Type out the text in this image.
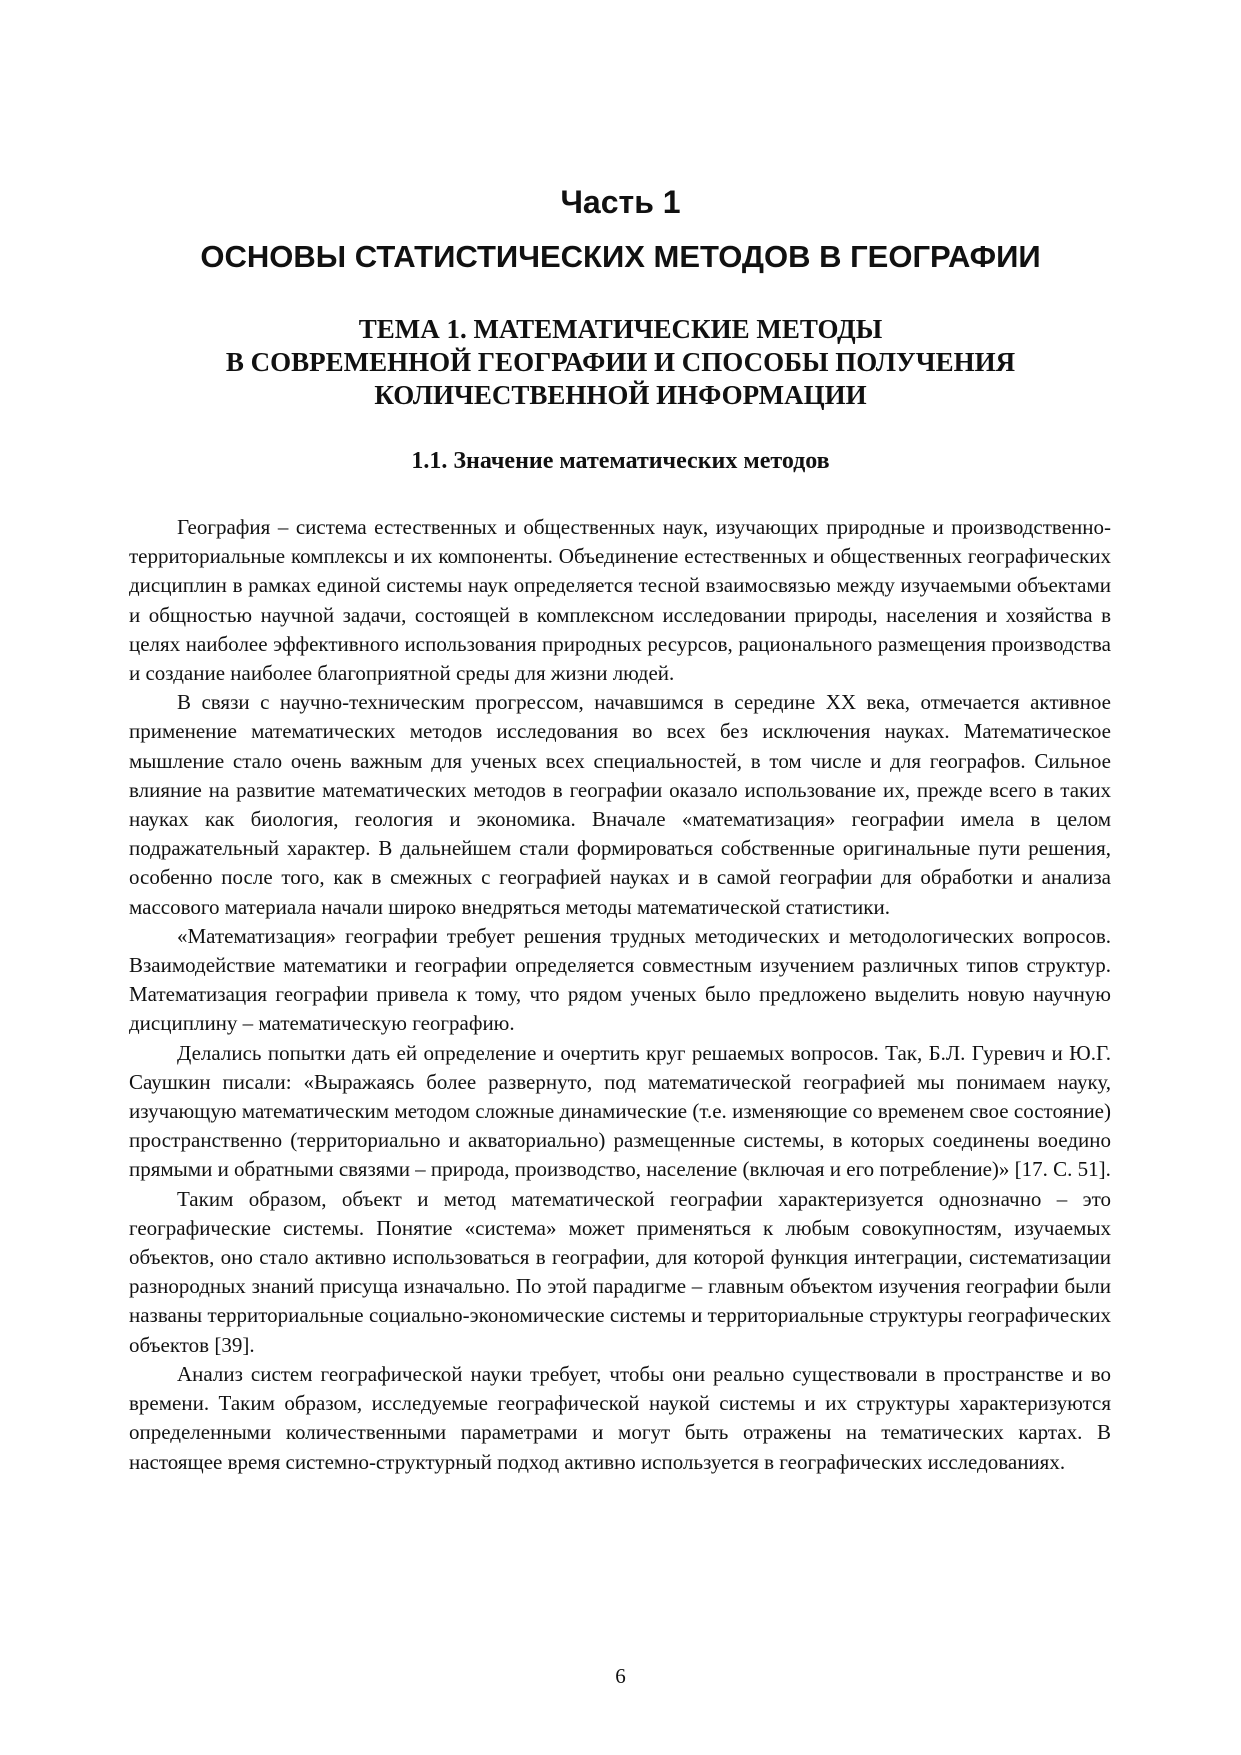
Часть 1
ОСНОВЫ СТАТИСТИЧЕСКИХ МЕТОДОВ В ГЕОГРАФИИ
ТЕМА 1. МАТЕМАТИЧЕСКИЕ МЕТОДЫ
В СОВРЕМЕННОЙ ГЕОГРАФИИ И СПОСОБЫ ПОЛУЧЕНИЯ
КОЛИЧЕСТВЕННОЙ ИНФОРМАЦИИ
1.1. Значение математических методов

География – система естественных и общественных наук, изучающих природные и производственно-территориальные комплексы и их компоненты. Объединение естественных и общественных географических дисциплин в рамках единой системы наук определяется тесной взаимосвязью между изучаемыми объектами и общностью научной задачи, состоящей в комплексном исследовании природы, населения и хозяйства в целях наиболее эффективного использования природных ресурсов, рационального размещения производства и создание наиболее благоприятной среды для жизни людей.

В связи с научно-техническим прогрессом, начавшимся в середине XX века, отмечается активное применение математических методов исследования во всех без исключения науках. Математическое мышление стало очень важным для ученых всех специальностей, в том числе и для географов. Сильное влияние на развитие математических методов в географии оказало использование их, прежде всего в таких науках как биология, геология и экономика. Вначале «математизация» географии имела в целом подражательный характер. В дальнейшем стали формироваться собственные оригинальные пути решения, особенно после того, как в смежных с географией науках и в самой географии для обработки и анализа массового материала начали широко внедряться методы математической статистики.

«Математизация» географии требует решения трудных методических и методологических вопросов. Взаимодействие математики и географии определяется совместным изучением различных типов структур. Математизация географии привела к тому, что рядом ученых было предложено выделить новую научную дисциплину – математическую географию.

Делались попытки дать ей определение и очертить круг решаемых вопросов. Так, Б.Л. Гуревич и Ю.Г. Саушкин писали: «Выражаясь более развернуто, под математической географией мы понимаем науку, изучающую математическим методом сложные динамические (т.е. изменяющие со временем свое состояние) пространственно (территориально и акваториально) размещенные системы, в которых соединены воедино прямыми и обратными связями – природа, производство, население (включая и его потребление)» [17. С. 51].

Таким образом, объект и метод математической географии характеризуется однозначно – это географические системы. Понятие «система» может применяться к любым совокупностям, изучаемых объектов, оно стало активно использоваться в географии, для которой функция интеграции, систематизации разнородных знаний присуща изначально. По этой парадигме – главным объектом изучения географии были названы территориальные социально-экономические системы и территориальные структуры географических объектов [39].

Анализ систем географической науки требует, чтобы они реально существовали в пространстве и во времени. Таким образом, исследуемые географической наукой системы и их структуры характеризуются определенными количественными параметрами и могут быть отражены на тематических картах. В настоящее время системно-структурный подход активно используется в географических исследованиях.

6
